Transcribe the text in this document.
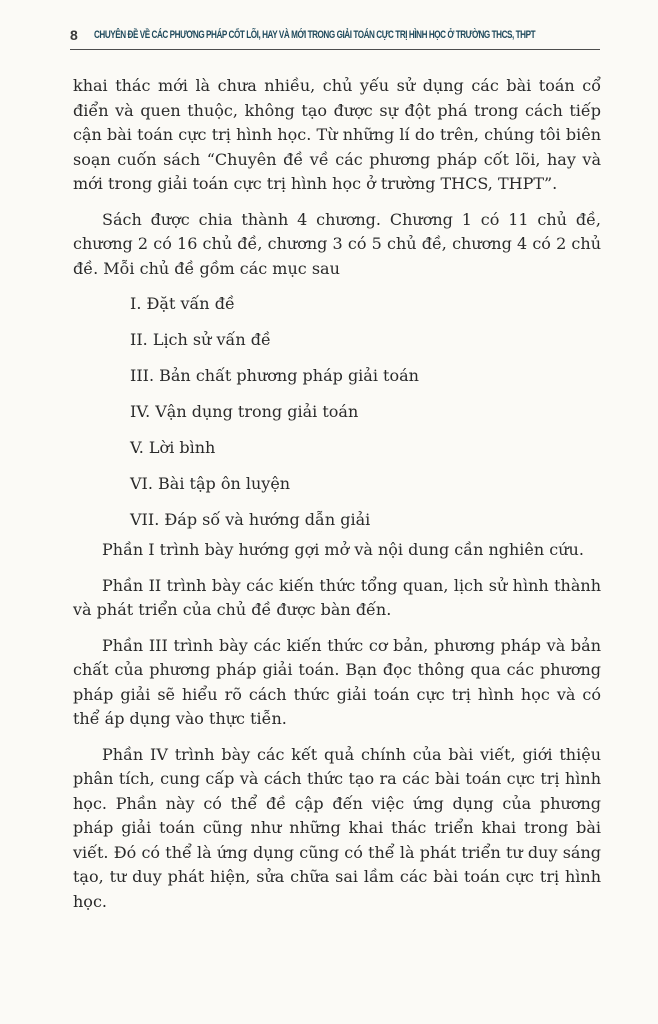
8 CHUYÊN ĐỀ VỀ CÁC PHƯƠNG PHÁP CỐT LÕI, HAY VÀ MỚI TRONG GIẢI TOÁN CỰC TRỊ HÌNH HỌC Ở TRƯỜNG THCS, THPT

khai thác mới là chưa nhiều, chủ yếu sử dụng các bài toán cổ điển và quen thuộc, không tạo được sự đột phá trong cách tiếp cận bài toán cực trị hình học. Từ những lí do trên, chúng tôi biên soạn cuốn sách “Chuyên đề về các phương pháp cốt lõi, hay và mới trong giải toán cực trị hình học ở trường THCS, THPT”.

Sách được chia thành 4 chương. Chương 1 có 11 chủ đề, chương 2 có 16 chủ đề, chương 3 có 5 chủ đề, chương 4 có 2 chủ đề. Mỗi chủ đề gồm các mục sau

I. Đặt vấn đề
II. Lịch sử vấn đề
III. Bản chất phương pháp giải toán
IV. Vận dụng trong giải toán
V. Lời bình
VI. Bài tập ôn luyện
VII. Đáp số và hướng dẫn giải

Phần I trình bày hướng gợi mở và nội dung cần nghiên cứu.

Phần II trình bày các kiến thức tổng quan, lịch sử hình thành và phát triển của chủ đề được bàn đến.

Phần III trình bày các kiến thức cơ bản, phương pháp và bản chất của phương pháp giải toán. Bạn đọc thông qua các phương pháp giải sẽ hiểu rõ cách thức giải toán cực trị hình học và có thể áp dụng vào thực tiễn.

Phần IV trình bày các kết quả chính của bài viết, giới thiệu phân tích, cung cấp và cách thức tạo ra các bài toán cực trị hình học. Phần này có thể đề cập đến việc ứng dụng của phương pháp giải toán cũng như những khai thác triển khai trong bài viết. Đó có thể là ứng dụng cũng có thể là phát triển tư duy sáng tạo, tư duy phát hiện, sửa chữa sai lầm các bài toán cực trị hình học.
